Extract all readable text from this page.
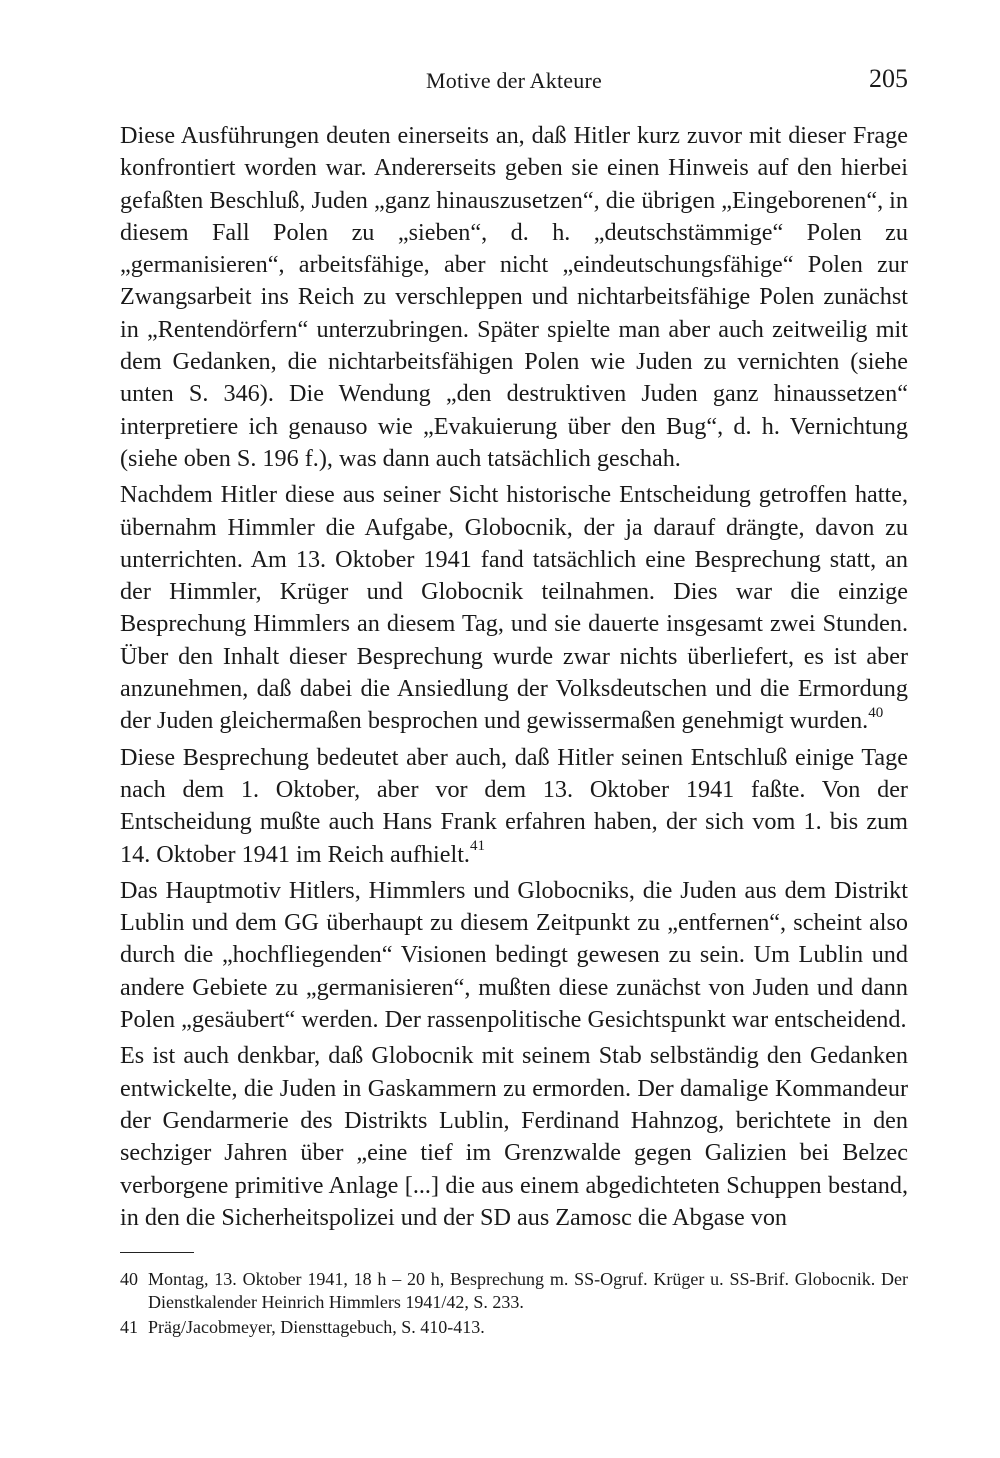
Motive der Akteure	205

Diese Ausführungen deuten einerseits an, daß Hitler kurz zuvor mit dieser Frage konfrontiert worden war. Andererseits geben sie einen Hinweis auf den hierbei gefaßten Beschluß, Juden „ganz hinauszusetzen“, die übrigen „Eingeborenen“, in diesem Fall Polen zu „sieben“, d. h. „deutschstämmige“ Polen zu „germanisieren“, arbeitsfähige, aber nicht „eindeutschungsfähige“ Polen zur Zwangsarbeit ins Reich zu verschleppen und nichtarbeitsfähige Polen zunächst in „Rentendörfern“ unterzubringen. Später spielte man aber auch zeitweilig mit dem Gedanken, die nichtarbeitsfähigen Polen wie Juden zu vernichten (siehe unten S. 346). Die Wendung „den destruktiven Juden ganz hinaussetzen“ interpretiere ich genauso wie „Evakuierung über den Bug“, d. h. Vernichtung (siehe oben S. 196 f.), was dann auch tatsächlich geschah.

Nachdem Hitler diese aus seiner Sicht historische Entscheidung getroffen hatte, übernahm Himmler die Aufgabe, Globocnik, der ja darauf drängte, davon zu unterrichten. Am 13. Oktober 1941 fand tatsächlich eine Besprechung statt, an der Himmler, Krüger und Globocnik teilnahmen. Dies war die einzige Besprechung Himmlers an diesem Tag, und sie dauerte insgesamt zwei Stunden. Über den Inhalt dieser Besprechung wurde zwar nichts überliefert, es ist aber anzunehmen, daß dabei die Ansiedlung der Volksdeutschen und die Ermordung der Juden gleichermaßen besprochen und gewissermaßen genehmigt wurden.$^{40}$

Diese Besprechung bedeutet aber auch, daß Hitler seinen Entschluß einige Tage nach dem 1. Oktober, aber vor dem 13. Oktober 1941 faßte. Von der Entscheidung mußte auch Hans Frank erfahren haben, der sich vom 1. bis zum 14. Oktober 1941 im Reich aufhielt.$^{41}$

Das Hauptmotiv Hitlers, Himmlers und Globocniks, die Juden aus dem Distrikt Lublin und dem GG überhaupt zu diesem Zeitpunkt zu „entfernen“, scheint also durch die „hochfliegenden“ Visionen bedingt gewesen zu sein. Um Lublin und andere Gebiete zu „germanisieren“, mußten diese zunächst von Juden und dann Polen „gesäubert“ werden. Der rassenpolitische Gesichtspunkt war entscheidend.

Es ist auch denkbar, daß Globocnik mit seinem Stab selbständig den Gedanken entwickelte, die Juden in Gaskammern zu ermorden. Der damalige Kommandeur der Gendarmerie des Distrikts Lublin, Ferdinand Hahnzog, berichtete in den sechziger Jahren über „eine tief im Grenzwalde gegen Galizien bei Belzec verborgene primitive Anlage [...] die aus einem abgedichteten Schuppen bestand, in den die Sicherheitspolizei und der SD aus Zamosc die Abgase von

40 Montag, 13. Oktober 1941, 18 h – 20 h, Besprechung m. SS-Ogruf. Krüger u. SS-Brif. Globocnik. Der Dienstkalender Heinrich Himmlers 1941/42, S. 233.
41 Präg/Jacobmeyer, Diensttagebuch, S. 410-413.
